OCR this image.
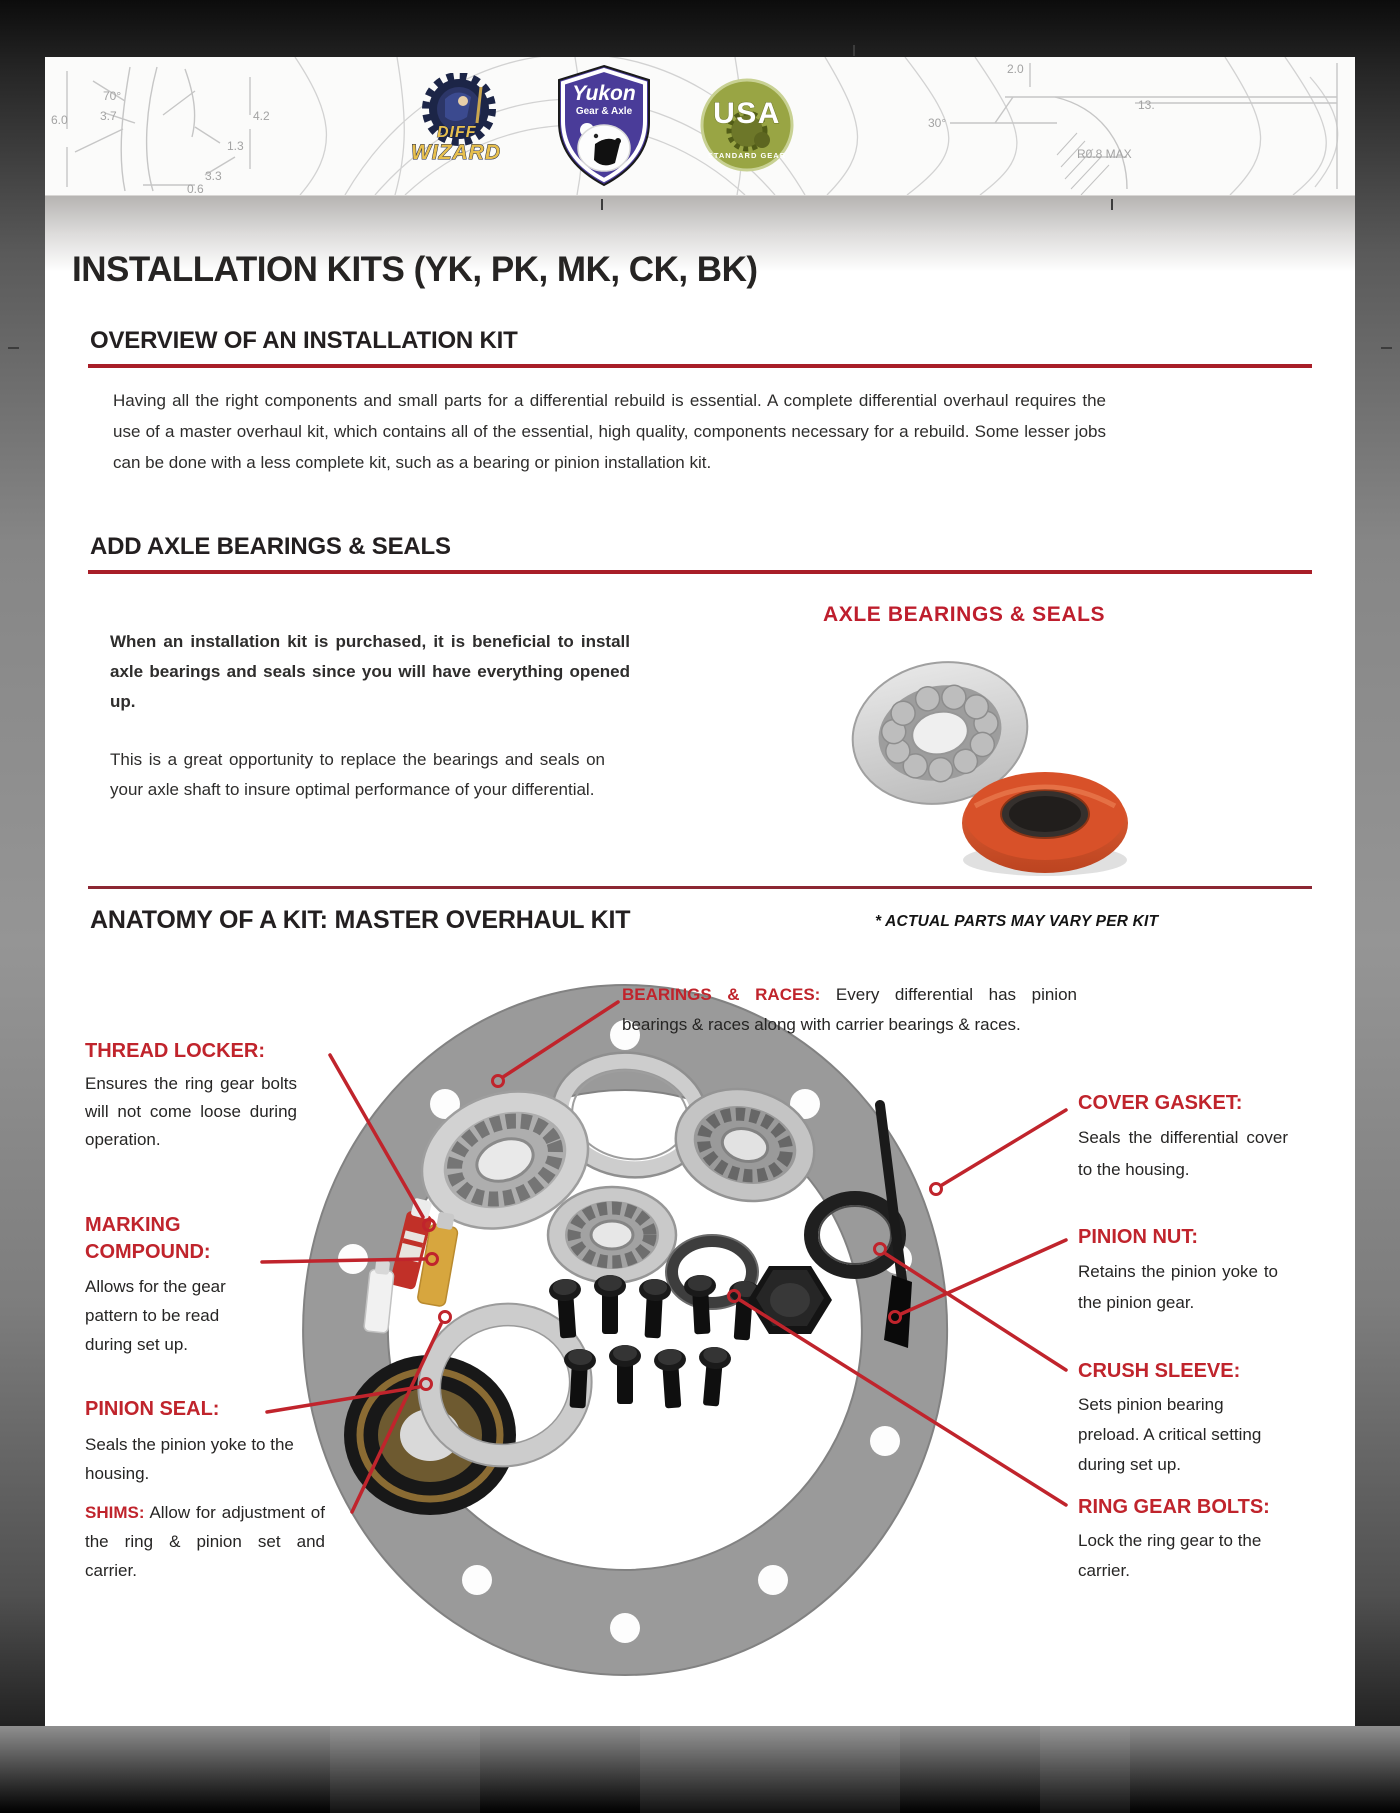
6.0
70°
3.7	4.2
1.3
3.3
0.6
2.0
30°
13.
R0.8 MAX
DIFF
WIZARD
Yukon
Gear & Axle	USA
STANDARD GEAR
INSTALLATION KITS (YK, PK, MK, CK, BK)
OVERVIEW OF AN INSTALLATION KIT
Having all the right components and small parts for a differential rebuild is essential. A complete differential overhaul requires the use of a master overhaul kit, which contains all of the essential, high quality, components necessary for a rebuild. Some lesser jobs can be done with a less complete kit, such as a bearing or pinion installation kit.
ADD AXLE BEARINGS & SEALS
AXLE BEARINGS & SEALS
When an installation kit is purchased, it is beneficial to install axle bearings and seals since you will have everything opened up.
This is a great opportunity to replace the bearings and seals on your axle shaft to insure optimal performance of your differential.
ANATOMY OF A KIT: MASTER OVERHAUL KIT	* ACTUAL PARTS MAY VARY PER KIT
BEARINGS & RACES: Every differential has pinion bearings & races along with carrier bearings & races.
THREAD LOCKER:
Ensures the ring gear bolts will not come loose during operation.
MARKING COMPOUND:
Allows for the gear pattern to be read during set up.
PINION SEAL:
Seals the pinion yoke to the housing.
SHIMS: Allow for adjustment of the ring & pinion set and carrier.
COVER GASKET:
Seals the differential cover to the housing.
PINION NUT:
Retains the pinion yoke to the pinion gear.
CRUSH SLEEVE:
Sets pinion bearing preload. A critical setting during set up.
RING GEAR BOLTS:
Lock the ring gear to the carrier.
